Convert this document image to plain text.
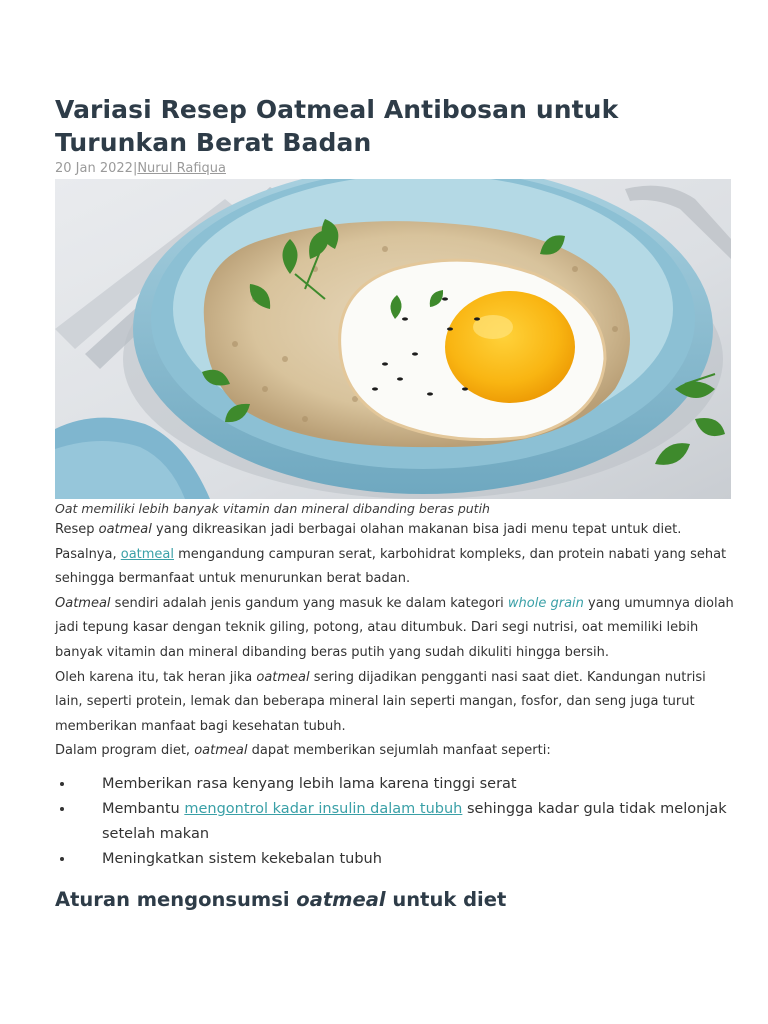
Variasi Resep Oatmeal Antibosan untuk Turunkan Berat Badan
20 Jan 2022|Nurul Rafiqua
Oat memiliki lebih banyak vitamin dan mineral dibanding beras putih

Resep oatmeal yang dikreasikan jadi berbagai olahan makanan bisa jadi menu tepat untuk diet.

Pasalnya, oatmeal mengandung campuran serat, karbohidrat kompleks, dan protein nabati yang sehat sehingga bermanfaat untuk menurunkan berat badan.

Oatmeal sendiri adalah jenis gandum yang masuk ke dalam kategori whole grain yang umumnya diolah jadi tepung kasar dengan teknik giling, potong, atau ditumbuk. Dari segi nutrisi, oat memiliki lebih banyak vitamin dan mineral dibanding beras putih yang sudah dikuliti hingga bersih.

Oleh karena itu, tak heran jika oatmeal sering dijadikan pengganti nasi saat diet. Kandungan nutrisi lain, seperti protein, lemak dan beberapa mineral lain seperti mangan, fosfor, dan seng juga turut memberikan manfaat bagi kesehatan tubuh.

Dalam program diet, oatmeal dapat memberikan sejumlah manfaat seperti:

• Memberikan rasa kenyang lebih lama karena tinggi serat
• Membantu mengontrol kadar insulin dalam tubuh sehingga kadar gula tidak melonjak setelah makan
• Meningkatkan sistem kekebalan tubuh
Aturan mengonsumsi oatmeal untuk diet
